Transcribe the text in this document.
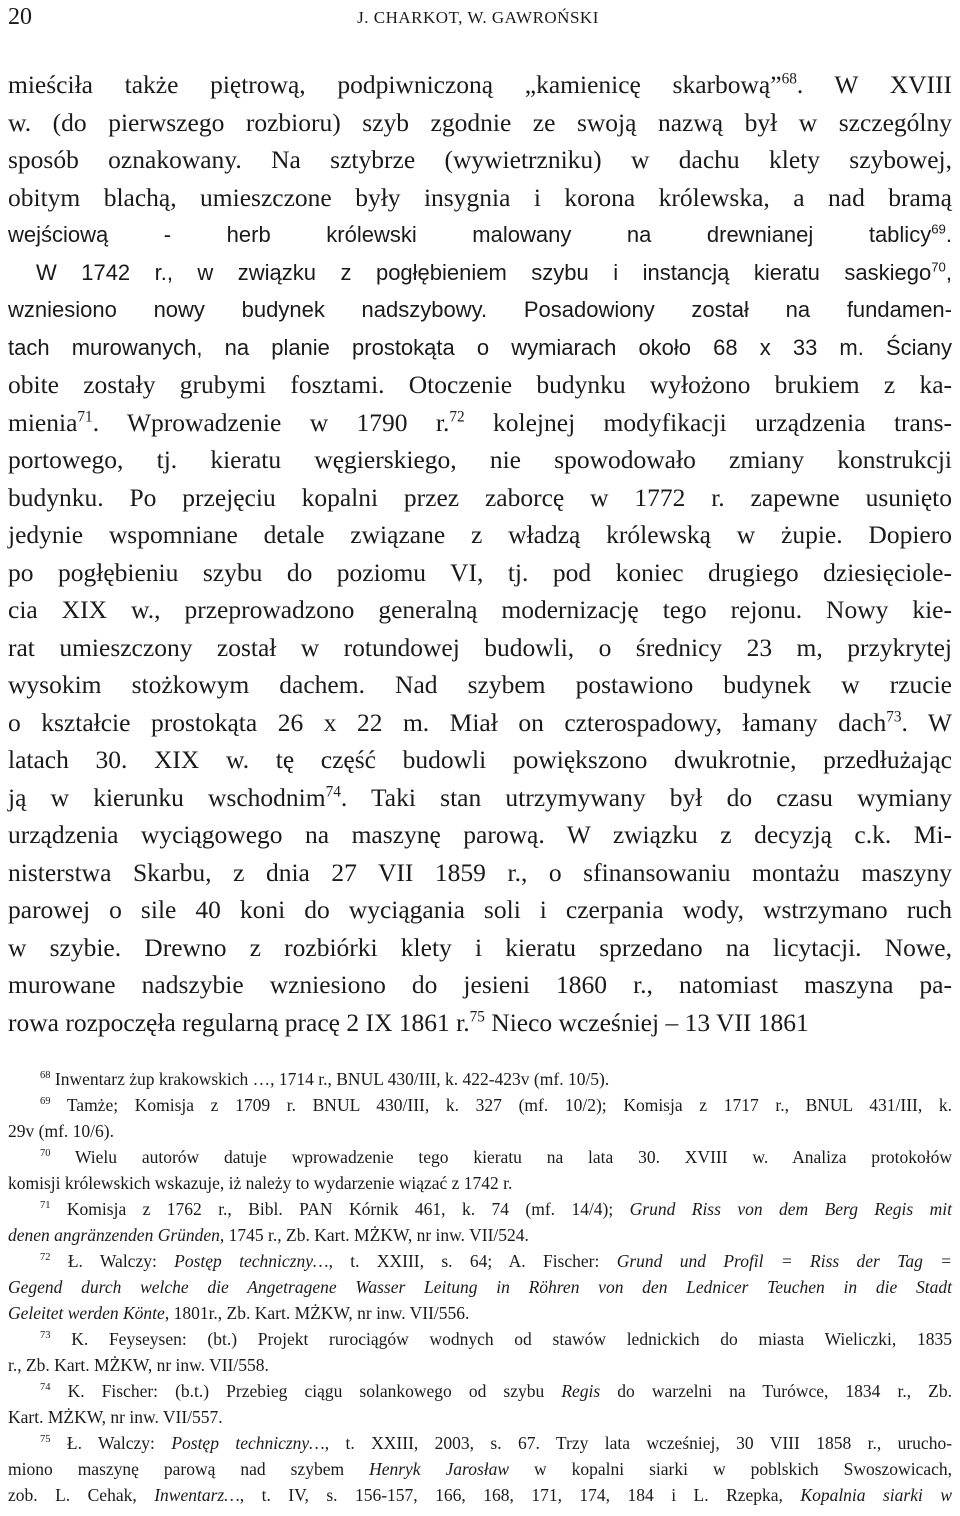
20	J. CHARKOT, W. GAWROŃSKI
mieściła także piętrową, podpiwniczoną „kamienicę skarbową”$^{68}$. W XVIII
w. (do pierwszego rozbioru) szyb zgodnie ze swoją nazwą był w szczególny
sposób oznakowany. Na sztybrze (wywietrzniku) w dachu klety szybowej,
obitym blachą, umieszczone były insygnia i korona królewska, a nad bramą
wejściową - herb królewski malowany na drewnianej tablicy$^{69}$.
W 1742 r., w związku z pogłębieniem szybu i instancją kieratu saskiego$^{70}$,
wzniesiono nowy budynek nadszybowy. Posadowiony został na fundamen-
tach murowanych, na planie prostokąta o wymiarach około 68 x 33 m. Ściany
obite zostały grubymi fosztami. Otoczenie budynku wyłożono brukiem z ka-
mienia$^{71}$. Wprowadzenie w 1790 r.$^{72}$ kolejnej modyfikacji urządzenia trans-
portowego, tj. kieratu węgierskiego, nie spowodowało zmiany konstrukcji
budynku. Po przejęciu kopalni przez zaborcę w 1772 r. zapewne usunięto
jedynie wspomniane detale związane z władzą królewską w żupie. Dopiero
po pogłębieniu szybu do poziomu VI, tj. pod koniec drugiego dziesięciole-
cia XIX w., przeprowadzono generalną modernizację tego rejonu. Nowy kie-
rat umieszczony został w rotundowej budowli, o średnicy 23 m, przykrytej
wysokim stożkowym dachem. Nad szybem postawiono budynek w rzucie
o kształcie prostokąta 26 x 22 m. Miał on czterospadowy, łamany dach$^{73}$. W
latach 30. XIX w. tę część budowli powiększono dwukrotnie, przedłużając
ją w kierunku wschodnim$^{74}$. Taki stan utrzymywany był do czasu wymiany
urządzenia wyciągowego na maszynę parową. W związku z decyzją c.k. Mi-
nisterstwa Skarbu, z dnia 27 VII 1859 r., o sfinansowaniu montażu maszyny
parowej o sile 40 koni do wyciągania soli i czerpania wody, wstrzymano ruch
w szybie. Drewno z rozbiórki klety i kieratu sprzedano na licytacji. Nowe,
murowane nadszybie wzniesiono do jesieni 1860 r., natomiast maszyna pa-
rowa rozpoczęła regularną pracę 2 IX 1861 r.$^{75}$ Nieco wcześniej – 13 VII 1861
$^{68}$ Inwentarz żup krakowskich …, 1714 r., BNUL 430/III, k. 422-423v (mf. 10/5).
$^{69}$ Tamże; Komisja z 1709 r. BNUL 430/III, k. 327 (mf. 10/2); Komisja z 1717 r., BNUL 431/III, k.
29v (mf. 10/6).
$^{70}$ Wielu autorów datuje wprowadzenie tego kieratu na lata 30. XVIII w. Analiza protokołów
komisji królewskich wskazuje, iż należy to wydarzenie wiązać z 1742 r.
$^{71}$ Komisja z 1762 r., Bibl. PAN Kórnik 461, k. 74 (mf. 14/4); Grund Riss von dem Berg Regis mit
denen angränzenden Gründen, 1745 r., Zb. Kart. MŻKW, nr inw. VII/524.
$^{72}$ Ł. Walczy: Postęp techniczny…, t. XXIII, s. 64; A. Fischer: Grund und Profil = Riss der Tag =
Gegend durch welche die Angetragene Wasser Leitung in Röhren von den Lednicer Teuchen in die Stadt
Geleitet werden Könte, 1801r., Zb. Kart. MŻKW, nr inw. VII/556.
$^{73}$ K. Feyseysen: (bt.) Projekt rurociągów wodnych od stawów lednickich do miasta Wieliczki, 1835
r., Zb. Kart. MŻKW, nr inw. VII/558.
$^{74}$ K. Fischer: (b.t.) Przebieg ciągu solankowego od szybu Regis do warzelni na Turówce, 1834 r., Zb.
Kart. MŻKW, nr inw. VII/557.
$^{75}$ Ł. Walczy: Postęp techniczny…, t. XXIII, 2003, s. 67. Trzy lata wcześniej, 30 VIII 1858 r., urucho-
miono maszynę parową nad szybem Henryk Jarosław w kopalni siarki w poblskich Swoszowicach,
zob. L. Cehak, Inwentarz…, t. IV, s. 156-157, 166, 168, 171, 174, 184 i L. Rzepka, Kopalnia siarki w
